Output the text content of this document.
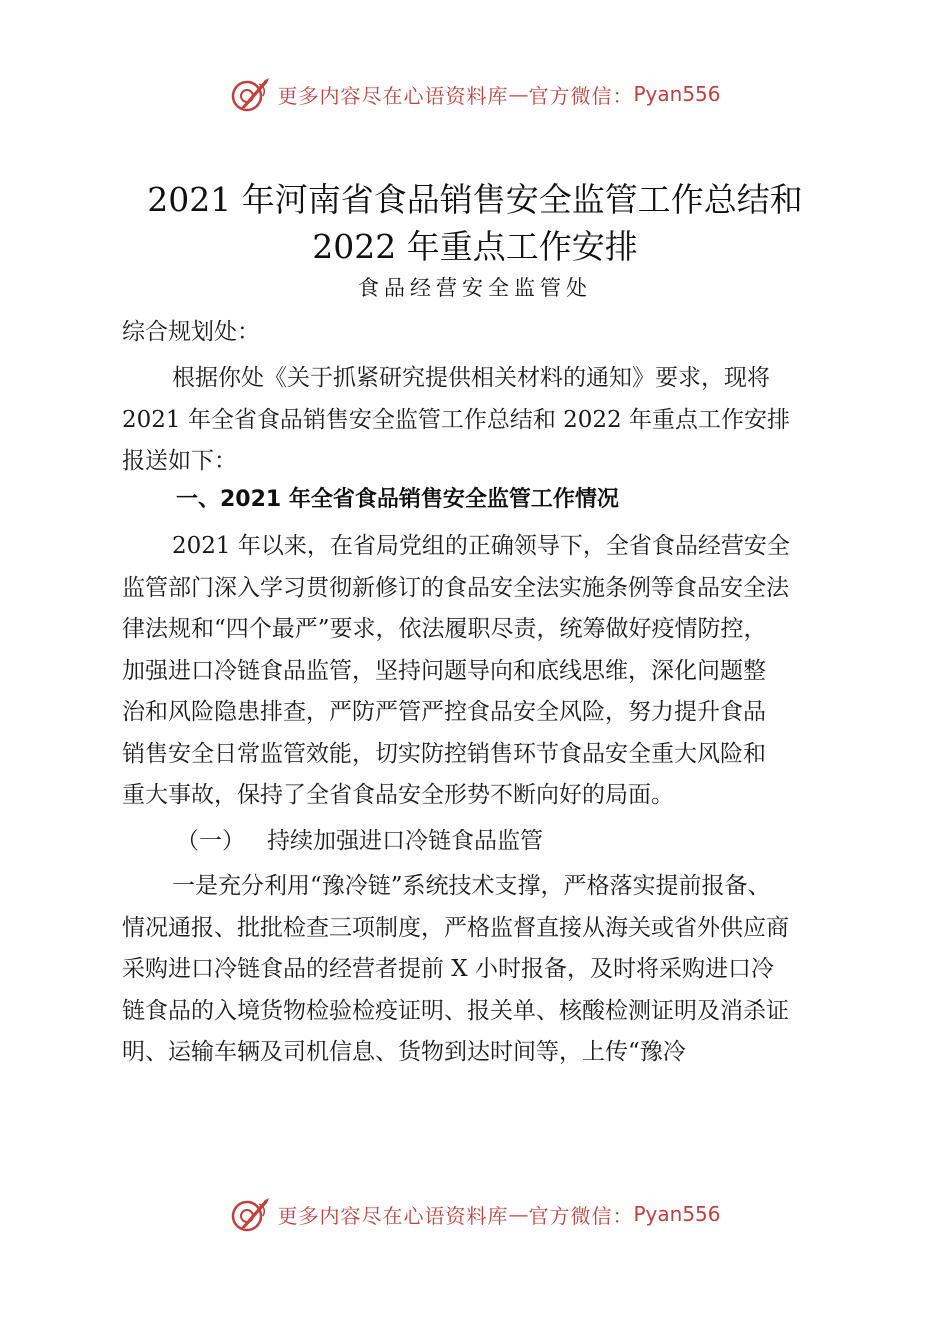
更多内容尽在心语资料库 — 官方微信： Pyan556
2021 年河南省食品销售安全监管工作总结和
2022 年重点工作安排
食品经营安全监管处

综合规划处：

根据你处《关于抓紧研究提供相关材料的通知》要求，现将
2021 年全省食品销售安全监管工作总结和 2022 年重点工作安排
报送如下：
一、2021 年全省食品销售安全监管工作情况
2021 年以来，在省局党组的正确领导下，全省食品经营安全
监管部门深入学习贯彻新修订的食品安全法实施条例等食品安全法
律法规和“四个最严”要求，依法履职尽责，统筹做好疫情防控，
加强进口冷链食品监管，坚持问题导向和底线思维，深化问题整
治和风险隐患排查，严防严管严控食品安全风险，努力提升食品
销售安全日常监管效能，切实防控销售环节食品安全重大风险和
重大事故，保持了全省食品安全形势不断向好的局面。
（一） 持续加强进口冷链食品监管
一是充分利用“豫冷链”系统技术支撑，严格落实提前报备、
情况通报、批批检查三项制度，严格监督直接从海关或省外供应商
采购进口冷链食品的经营者提前 X 小时报备，及时将采购进口冷
链食品的入境货物检验检疫证明、报关单、核酸检测证明及消杀证
明、运输车辆及司机信息、货物到达时间等，上传“豫冷
更多内容尽在心语资料库 — 官方微信： Pyan556
